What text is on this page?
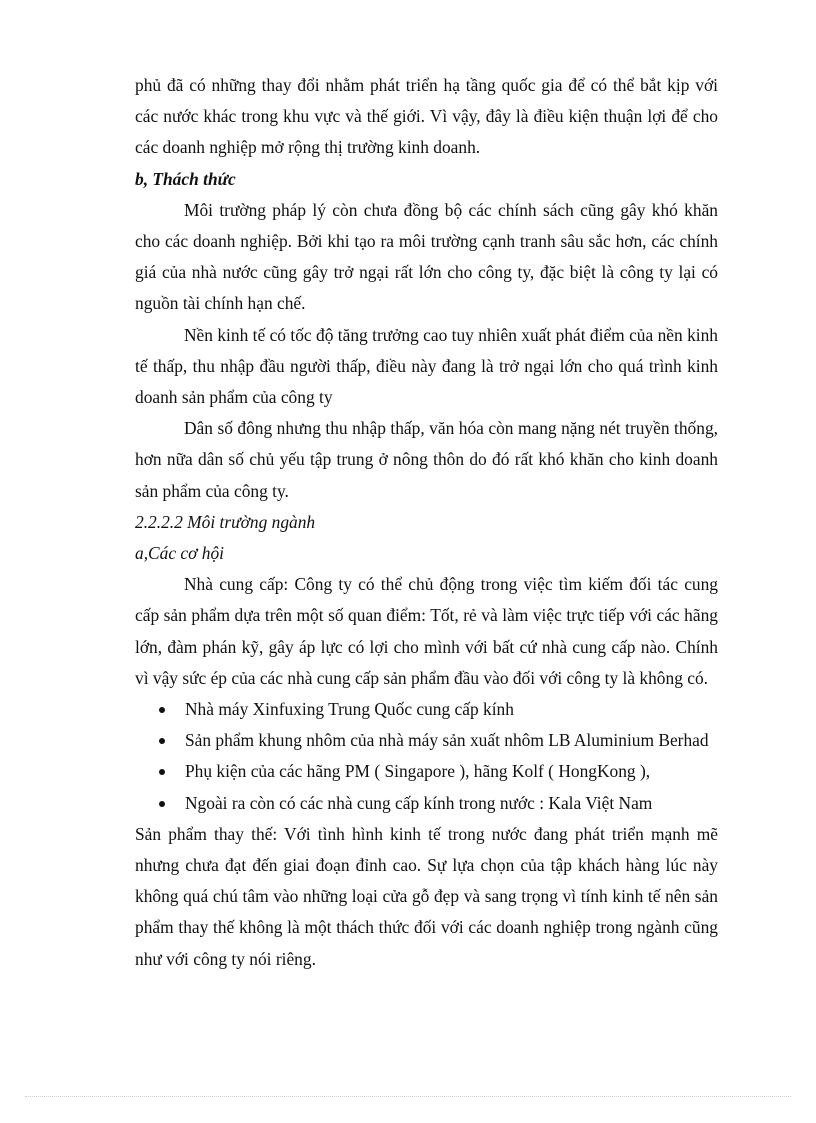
phủ đã có những thay đổi nhằm phát triển hạ tầng quốc gia để có thể bắt kịp với các nước khác trong khu vực và thế giới. Vì vậy, đây là điều kiện thuận lợi để cho các doanh nghiệp mở rộng thị trường kinh doanh.

b, Thách thức

Môi trường pháp lý còn chưa đồng bộ các chính sách cũng gây khó khăn cho các doanh nghiệp. Bởi khi tạo ra môi trường cạnh tranh sâu sắc hơn, các chính giá của nhà nước cũng gây trở ngại rất lớn cho công ty, đặc biệt là công ty lại có nguồn tài chính hạn chế.

Nền kinh tế có tốc độ tăng trưởng cao tuy nhiên xuất phát điểm của nền kinh tế thấp, thu nhập đầu người thấp, điều này đang là trở ngại lớn cho quá trình kinh doanh sản phẩm của công ty

Dân số đông nhưng thu nhập thấp, văn hóa còn mang nặng nét truyền thống, hơn nữa dân số chủ yếu tập trung ở nông thôn do đó rất khó khăn cho kinh doanh sản phẩm của công ty.

2.2.2.2 Môi trường ngành

a,Các cơ hội

Nhà cung cấp: Công ty có thể chủ động trong việc tìm kiếm đối tác cung cấp sản phẩm dựa trên một số quan điểm: Tốt, rẻ và làm việc trực tiếp với các hãng lớn, đàm phán kỹ, gây áp lực có lợi cho mình với bất cứ nhà cung cấp nào. Chính vì vậy sức ép của các nhà cung cấp sản phẩm đầu vào đối với công ty là không có.

Nhà máy Xinfuxing Trung Quốc cung cấp kính
Sản phẩm khung nhôm của nhà máy sản xuất nhôm LB Aluminium Berhad
Phụ kiện của các hãng PM ( Singapore ), hãng Kolf ( HongKong ),
Ngoài ra còn có các nhà cung cấp kính trong nước : Kala Việt Nam

Sản phẩm thay thế: Với tình hình kinh tế trong nước đang phát triển mạnh mẽ nhưng chưa đạt đến giai đoạn đỉnh cao. Sự lựa chọn của tập khách hàng lúc này không quá chú tâm vào những loại cửa gỗ đẹp và sang trọng vì tính kinh tế nên sản phẩm thay thế không là một thách thức đối với các doanh nghiệp trong ngành cũng như với công ty nói riêng.
